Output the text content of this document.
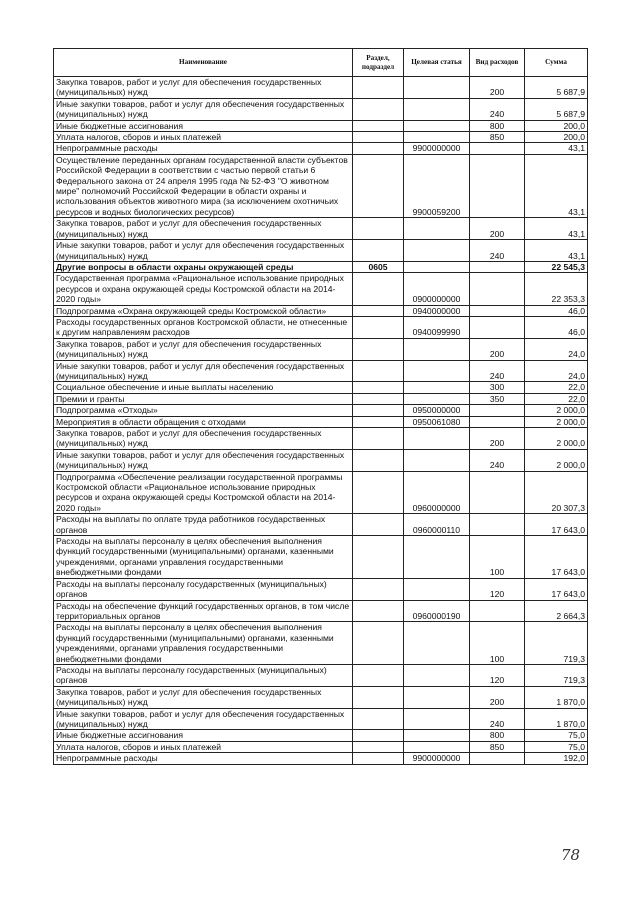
Наименование	Раздел, подраздел	Целевая статья	Вид расходов	Сумма
Закупка товаров, работ и услуг для обеспечения государственных (муниципальных) нужд			200	5 687,9
Иные закупки товаров, работ и услуг для обеспечения государственных (муниципальных) нужд			240	5 687,9
Иные бюджетные ассигнования			800	200,0
Уплата налогов, сборов и иных платежей			850	200,0
Непрограммные расходы		9900000000		43,1
Осуществление переданных органам государственной власти субъектов Российской Федерации в соответствии с частью первой статьи 6 Федерального закона от 24 апреля 1995 года № 52-ФЗ "О животном мире" полномочий Российской Федерации в области охраны и использования объектов животного мира (за исключением охотничьих ресурсов и водных биологических ресурсов)		9900059200		43,1
Закупка товаров, работ и услуг для обеспечения государственных (муниципальных) нужд			200	43,1
Иные закупки товаров, работ и услуг для обеспечения государственных (муниципальных) нужд			240	43,1
Другие вопросы в области охраны окружающей среды	0605			22 545,3
Государственная программа «Рациональное использование природных ресурсов и охрана окружающей среды Костромской области на 2014-2020 годы»		0900000000		22 353,3
Подпрограмма «Охрана окружающей среды Костромской области»		0940000000		46,0
Расходы государственных органов Костромской области, не отнесенные к другим направлениям расходов		0940099990		46,0
Закупка товаров, работ и услуг для обеспечения государственных (муниципальных) нужд			200	24,0
Иные закупки товаров, работ и услуг для обеспечения государственных (муниципальных) нужд			240	24,0
Социальное обеспечение и иные выплаты населению			300	22,0
Премии и гранты			350	22,0
Подпрограмма «Отходы»		0950000000		2 000,0
Мероприятия в области обращения с отходами		0950061080		2 000,0
Закупка товаров, работ и услуг для обеспечения государственных (муниципальных) нужд			200	2 000,0
Иные закупки товаров, работ и услуг для обеспечения государственных (муниципальных) нужд			240	2 000,0
Подпрограмма «Обеспечение реализации государственной программы Костромской области «Рациональное использование природных ресурсов и охрана окружающей среды Костромской области на 2014-2020 годы»		0960000000		20 307,3
Расходы на выплаты по оплате труда работников государственных органов		0960000110		17 643,0
Расходы на выплаты персоналу в целях обеспечения выполнения функций государственными (муниципальными) органами, казенными учреждениями, органами управления государственными внебюджетными фондами			100	17 643,0
Расходы на выплаты персоналу государственных (муниципальных) органов			120	17 643,0
Расходы на обеспечение функций государственных органов, в том числе территориальных органов		0960000190		2 664,3
Расходы на выплаты персоналу в целях обеспечения выполнения функций государственными (муниципальными) органами, казенными учреждениями, органами управления государственными внебюджетными фондами			100	719,3
Расходы на выплаты персоналу государственных (муниципальных) органов			120	719,3
Закупка товаров, работ и услуг для обеспечения государственных (муниципальных) нужд			200	1 870,0
Иные закупки товаров, работ и услуг для обеспечения государственных (муниципальных) нужд			240	1 870,0
Иные бюджетные ассигнования			800	75,0
Уплата налогов, сборов и иных платежей			850	75,0
Непрограммные расходы		9900000000		192,0
78
